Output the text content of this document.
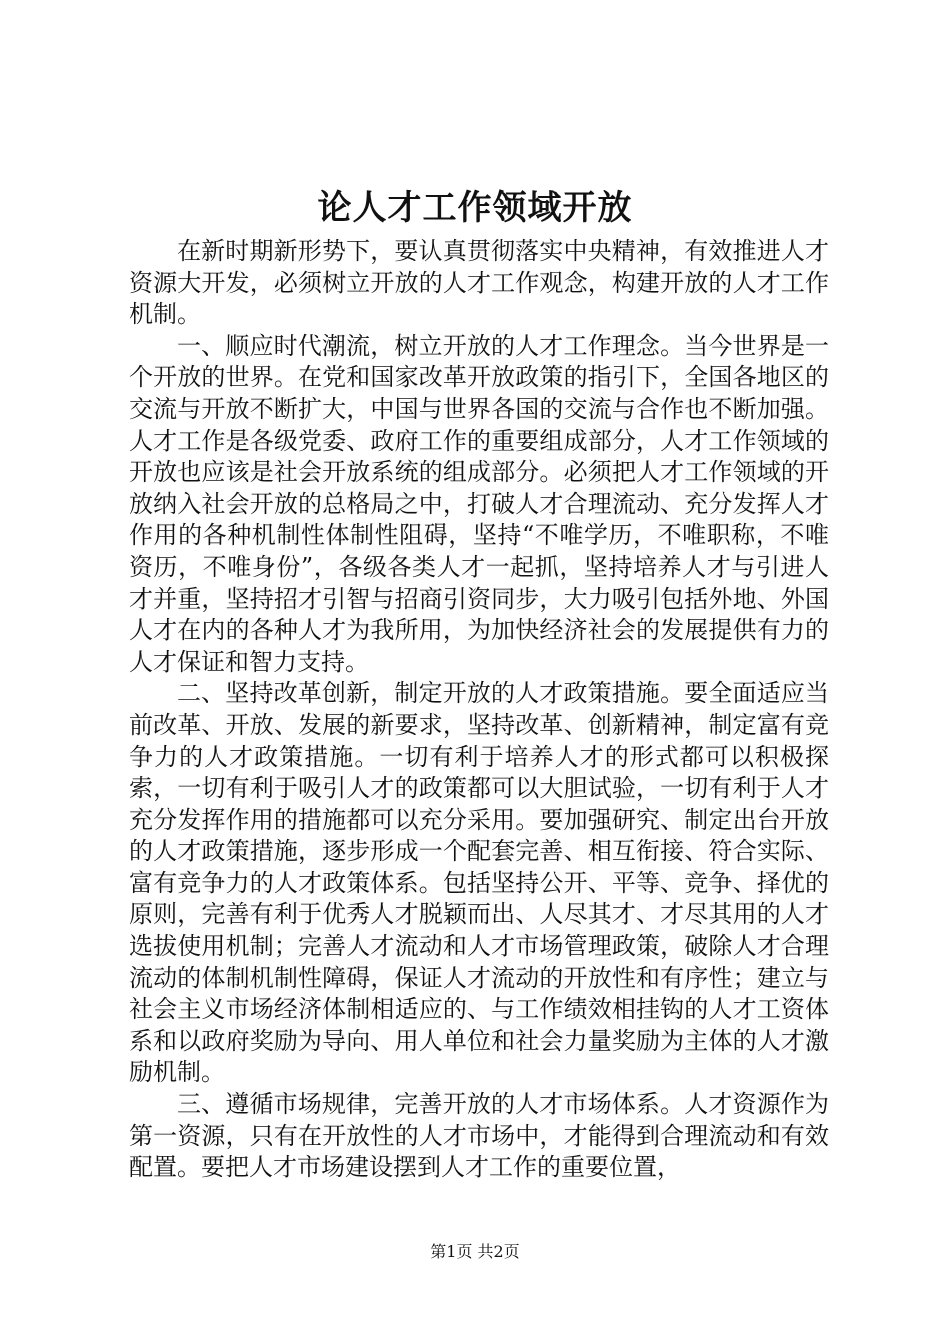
论人才工作领域开放

在新时期新形势下，要认真贯彻落实中央精神，有效推进人才资源大开发，必须树立开放的人才工作观念，构建开放的人才工作机制。

一、顺应时代潮流，树立开放的人才工作理念。当今世界是一个开放的世界。在党和国家改革开放政策的指引下，全国各地区的交流与开放不断扩大，中国与世界各国的交流与合作也不断加强。人才工作是各级党委、政府工作的重要组成部分，人才工作领域的开放也应该是社会开放系统的组成部分。必须把人才工作领域的开放纳入社会开放的总格局之中，打破人才合理流动、充分发挥人才作用的各种机制性体制性阻碍，坚持“不唯学历，不唯职称，不唯资历，不唯身份”，各级各类人才一起抓，坚持培养人才与引进人才并重，坚持招才引智与招商引资同步，大力吸引包括外地、外国人才在内的各种人才为我所用，为加快经济社会的发展提供有力的人才保证和智力支持。

二、坚持改革创新，制定开放的人才政策措施。要全面适应当前改革、开放、发展的新要求，坚持改革、创新精神，制定富有竞争力的人才政策措施。一切有利于培养人才的形式都可以积极探索，一切有利于吸引人才的政策都可以大胆试验，一切有利于人才充分发挥作用的措施都可以充分采用。要加强研究、制定出台开放的人才政策措施，逐步形成一个配套完善、相互衔接、符合实际、富有竞争力的人才政策体系。包括坚持公开、平等、竞争、择优的原则，完善有利于优秀人才脱颖而出、人尽其才、才尽其用的人才选拔使用机制；完善人才流动和人才市场管理政策，破除人才合理流动的体制机制性障碍，保证人才流动的开放性和有序性；建立与社会主义市场经济体制相适应的、与工作绩效相挂钩的人才工资体系和以政府奖励为导向、用人单位和社会力量奖励为主体的人才激励机制。

三、遵循市场规律，完善开放的人才市场体系。人才资源作为第一资源，只有在开放性的人才市场中，才能得到合理流动和有效配置。要把人才市场建设摆到人才工作的重要位置，

第1页 共2页
